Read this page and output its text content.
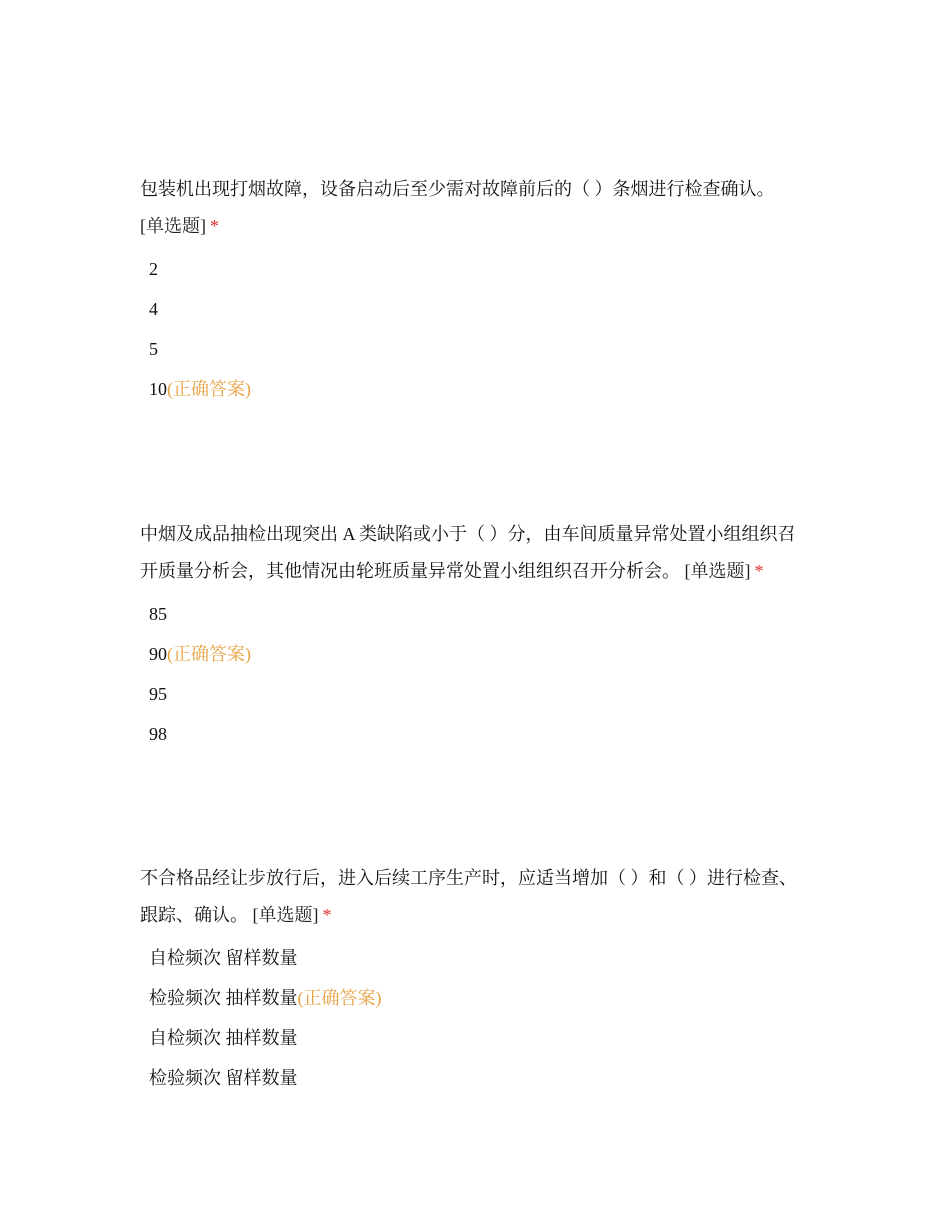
包装机出现打烟故障，设备启动后至少需对故障前后的（ ）条烟进行检查确认。
[单选题] *

2
4
5
10(正确答案)

中烟及成品抽检出现突出 A 类缺陷或小于（ ）分，由车间质量异常处置小组组织召开质量分析会，其他情况由轮班质量异常处置小组组织召开分析会。 [单选题] *

85
90(正确答案)
95
98

不合格品经让步放行后，进入后续工序生产时，应适当增加（ ）和（ ）进行检查、跟踪、确认。 [单选题] *

自检频次 留样数量
检验频次 抽样数量(正确答案)
自检频次 抽样数量
检验频次 留样数量
